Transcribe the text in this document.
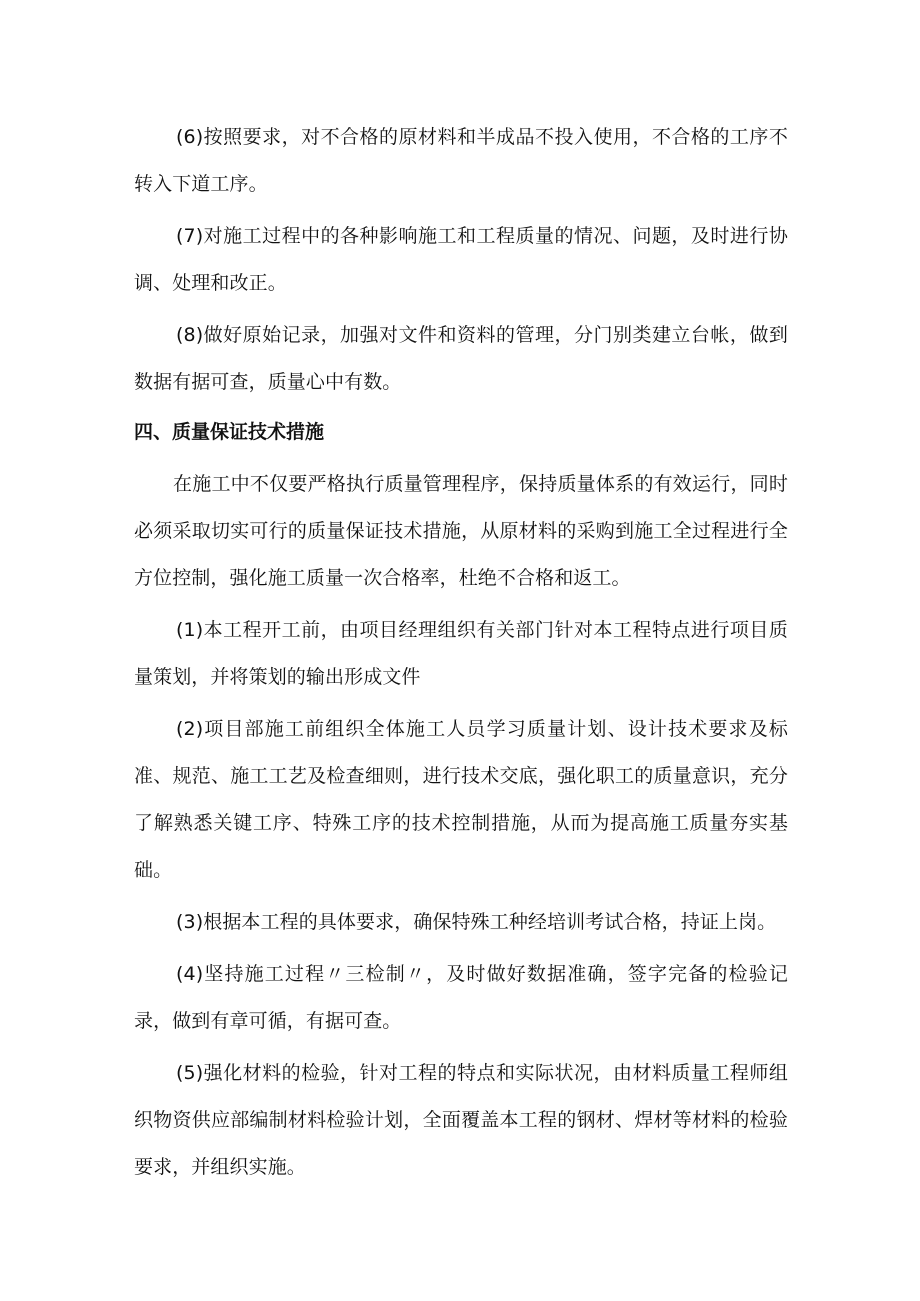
(6)按照要求，对不合格的原材料和半成品不投入使用，不合格的工序不转入下道工序。

(7)对施工过程中的各种影响施工和工程质量的情况、问题，及时进行协调、处理和改正。

(8)做好原始记录，加强对文件和资料的管理，分门别类建立台帐，做到数据有据可查，质量心中有数。

四、质量保证技术措施

在施工中不仅要严格执行质量管理程序，保持质量体系的有效运行，同时必须采取切实可行的质量保证技术措施，从原材料的采购到施工全过程进行全方位控制，强化施工质量一次合格率，杜绝不合格和返工。

(1)本工程开工前，由项目经理组织有关部门针对本工程特点进行项目质量策划，并将策划的输出形成文件

(2)项目部施工前组织全体施工人员学习质量计划、设计技术要求及标准、规范、施工工艺及检查细则，进行技术交底，强化职工的质量意识，充分了解熟悉关键工序、特殊工序的技术控制措施，从而为提高施工质量夯实基础。

(3)根据本工程的具体要求，确保特殊工种经培训考试合格，持证上岗。

(4)坚持施工过程〃三检制〃，及时做好数据准确，签字完备的检验记录，做到有章可循，有据可查。

(5)强化材料的检验，针对工程的特点和实际状况，由材料质量工程师组织物资供应部编制材料检验计划，全面覆盖本工程的钢材、焊材等材料的检验要求，并组织实施。
